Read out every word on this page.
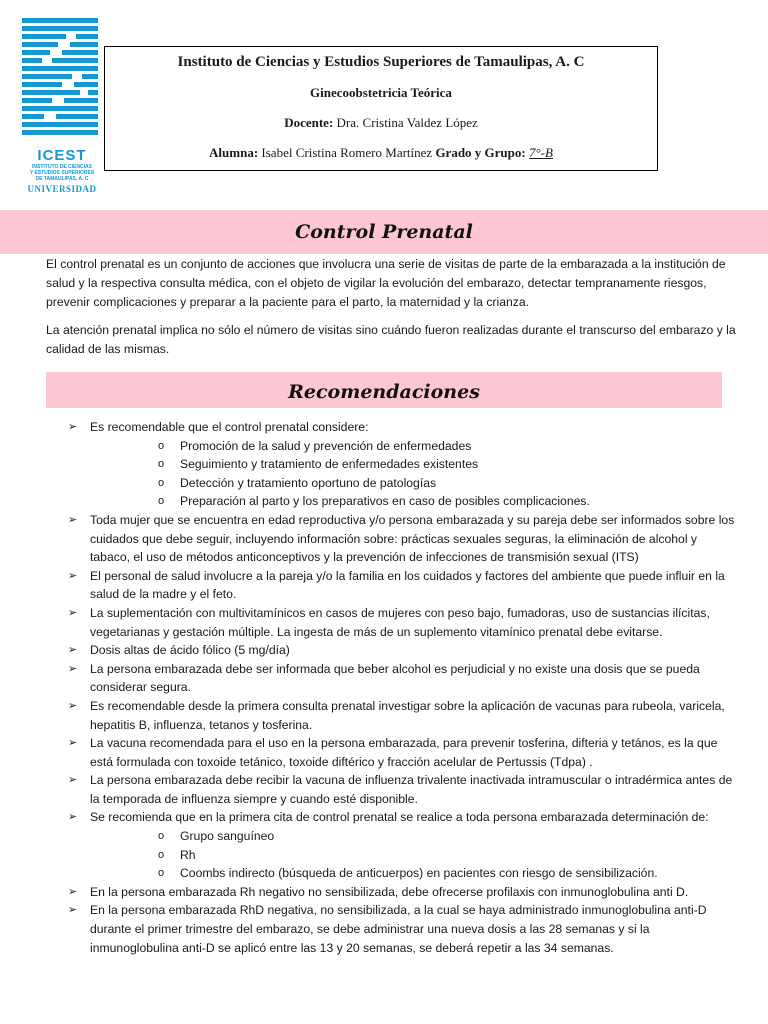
ICEST
INSTITUTO DE CIENCIAS
Y ESTUDIOS SUPERIORES
DE TAMAULIPAS, A. C
UNIVERSIDAD
Instituto de Ciencias y Estudios Superiores de Tamaulipas, A. C
Ginecoobstetricia Teórica
Docente: Dra. Cristina Valdez López
Alumna: Isabel Cristina Romero Martínez Grado y Grupo: 7°-B
Control Prenatal
El control prenatal es un conjunto de acciones que involucra una serie de visitas de parte de la embarazada a la institución de salud y la respectiva consulta médica, con el objeto de vigilar la evolución del embarazo, detectar tempranamente riesgos, prevenir complicaciones y preparar a la paciente para el parto, la maternidad y la crianza.
La atención prenatal implica no sólo el número de visitas sino cuándo fueron realizadas durante el transcurso del embarazo y la calidad de las mismas.
Recomendaciones
➢ Es recomendable que el control prenatal considere:
o Promoción de la salud y prevención de enfermedades
o Seguimiento y tratamiento de enfermedades existentes
o Detección y tratamiento oportuno de patologías
o Preparación al parto y los preparativos en caso de posibles complicaciones.
➢ Toda mujer que se encuentra en edad reproductiva y/o persona embarazada y su pareja debe ser informados sobre los cuidados que debe seguir, incluyendo información sobre: prácticas sexuales seguras, la eliminación de alcohol y tabaco, el uso de métodos anticonceptivos y la prevención de infecciones de transmisión sexual (ITS)
➢ El personal de salud involucre a la pareja y/o la familia en los cuidados y factores del ambiente que puede influir en la salud de la madre y el feto.
➢ La suplementación con multivitamínicos en casos de mujeres con peso bajo, fumadoras, uso de sustancias ilícitas, vegetarianas y gestación múltiple. La ingesta de más de un suplemento vitamínico prenatal debe evitarse.
➢ Dosis altas de ácido fólico (5 mg/día)
➢ La persona embarazada debe ser informada que beber alcohol es perjudicial y no existe una dosis que se pueda considerar segura.
➢ Es recomendable desde la primera consulta prenatal investigar sobre la aplicación de vacunas para rubeola, varicela, hepatitis B, influenza, tetanos y tosferina.
➢ La vacuna recomendada para el uso en la persona embarazada, para prevenir tosferina, difteria y tetános, es la que está formulada con toxoide tetánico, toxoide diftérico y fracción acelular de Pertussis (Tdpa) .
➢ La persona embarazada debe recibir la vacuna de influenza trivalente inactivada intramuscular o intradérmica antes de la temporada de influenza siempre y cuando esté disponible.
➢ Se recomienda que en la primera cita de control prenatal se realice a toda persona embarazada determinación de:
o Grupo sanguíneo
o Rh
o Coombs indirecto (búsqueda de anticuerpos) en pacientes con riesgo de sensibilización.
➢ En la persona embarazada Rh negativo no sensibilizada, debe ofrecerse profilaxis con inmunoglobulina anti D.
➢ En la persona embarazada RhD negativa, no sensibilizada, a la cual se haya administrado inmunoglobulina anti-D durante el primer trimestre del embarazo, se debe administrar una nueva dosis a las 28 semanas y si la inmunoglobulina anti-D se aplicó entre las 13 y 20 semanas, se deberá repetir a las 34 semanas.
